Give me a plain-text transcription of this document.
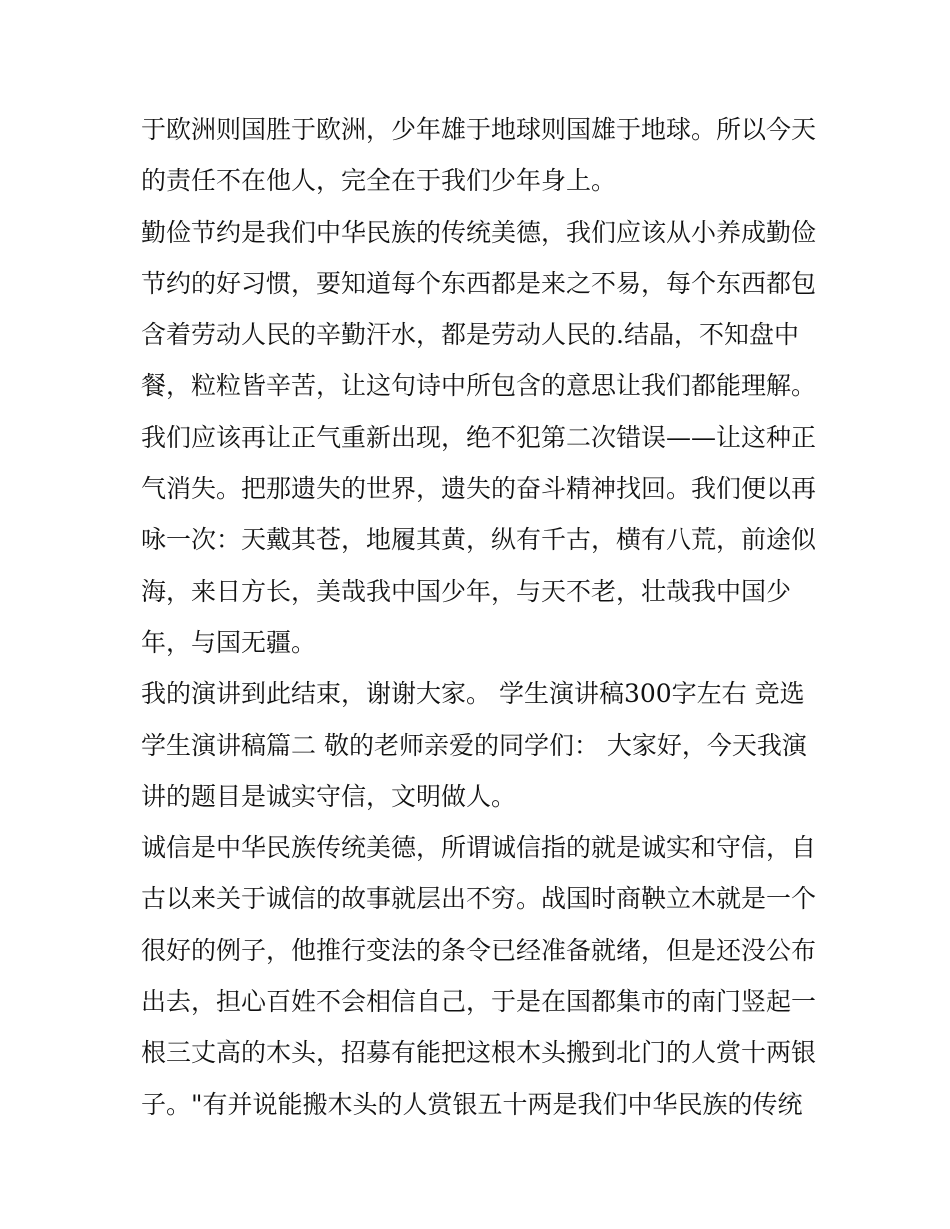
于欧洲则国胜于欧洲，少年雄于地球则国雄于地球。所以今天
的责任不在他人，完全在于我们少年身上。
勤俭节约是我们中华民族的传统美德，我们应该从小养成勤俭
节约的好习惯，要知道每个东西都是来之不易，每个东西都包
含着劳动人民的辛勤汗水，都是劳动人民的.结晶，不知盘中
餐，粒粒皆辛苦，让这句诗中所包含的意思让我们都能理解。
我们应该再让正气重新出现，绝不犯第二次错误——让这种正
气消失。把那遗失的世界，遗失的奋斗精神找回。我们便以再
咏一次：天戴其苍，地履其黄，纵有千古，横有八荒，前途似
海，来日方长，美哉我中国少年，与天不老，壮哉我中国少
年，与国无疆。
我的演讲到此结束，谢谢大家。 学生演讲稿300字左右 竞选
学生演讲稿篇二 敬的老师亲爱的同学们： 大家好，今天我演
讲的题目是诚实守信，文明做人。
诚信是中华民族传统美德，所谓诚信指的就是诚实和守信，自
古以来关于诚信的故事就层出不穷。战国时商鞅立木就是一个
很好的例子，他推行变法的条令已经准备就绪，但是还没公布
出去，担心百姓不会相信自己，于是在国都集市的南门竖起一
根三丈高的木头，招募有能把这根木头搬到北门的人赏十两银
子。"有并说能搬木头的人赏银五十两是我们中华民族的传统
